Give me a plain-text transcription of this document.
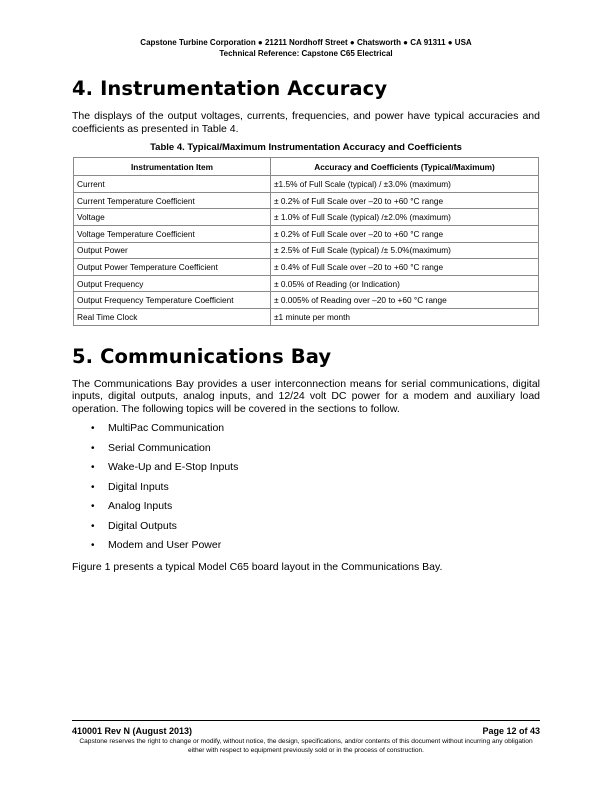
Capstone Turbine Corporation ● 21211 Nordhoff Street ● Chatsworth ● CA 91311 ● USA
Technical Reference: Capstone C65 Electrical
4. Instrumentation Accuracy

The displays of the output voltages, currents, frequencies, and power have typical accuracies and coefficients as presented in Table 4.

Table 4. Typical/Maximum Instrumentation Accuracy and Coefficients

Instrumentation Item	Accuracy and Coefficients (Typical/Maximum)
Current	±1.5% of Full Scale (typical) / ±3.0% (maximum)
Current Temperature Coefficient	± 0.2% of Full Scale over –20 to +60 °C range
Voltage	± 1.0% of Full Scale (typical) /±2.0% (maximum)
Voltage Temperature Coefficient	± 0.2% of Full Scale over –20 to +60 °C range
Output Power	± 2.5% of Full Scale (typical) /± 5.0%(maximum)
Output Power Temperature Coefficient	± 0.4% of Full Scale over –20 to +60 °C range
Output Frequency	± 0.05% of Reading (or Indication)
Output Frequency Temperature Coefficient	± 0.005% of Reading over –20 to +60 °C range
Real Time Clock	±1 minute per month
5. Communications Bay

The Communications Bay provides a user interconnection means for serial communications, digital inputs, digital outputs, analog inputs, and 12/24 volt DC power for a modem and auxiliary load operation. The following topics will be covered in the sections to follow.

• MultiPac Communication
• Serial Communication
• Wake-Up and E-Stop Inputs
• Digital Inputs
• Analog Inputs
• Digital Outputs
• Modem and User Power

Figure 1 presents a typical Model C65 board layout in the Communications Bay.

410001 Rev N (August 2013)	Page 12 of 43
Capstone reserves the right to change or modify, without notice, the design, specifications, and/or contents of this document without incurring any obligation either with respect to equipment previously sold or in the process of construction.
